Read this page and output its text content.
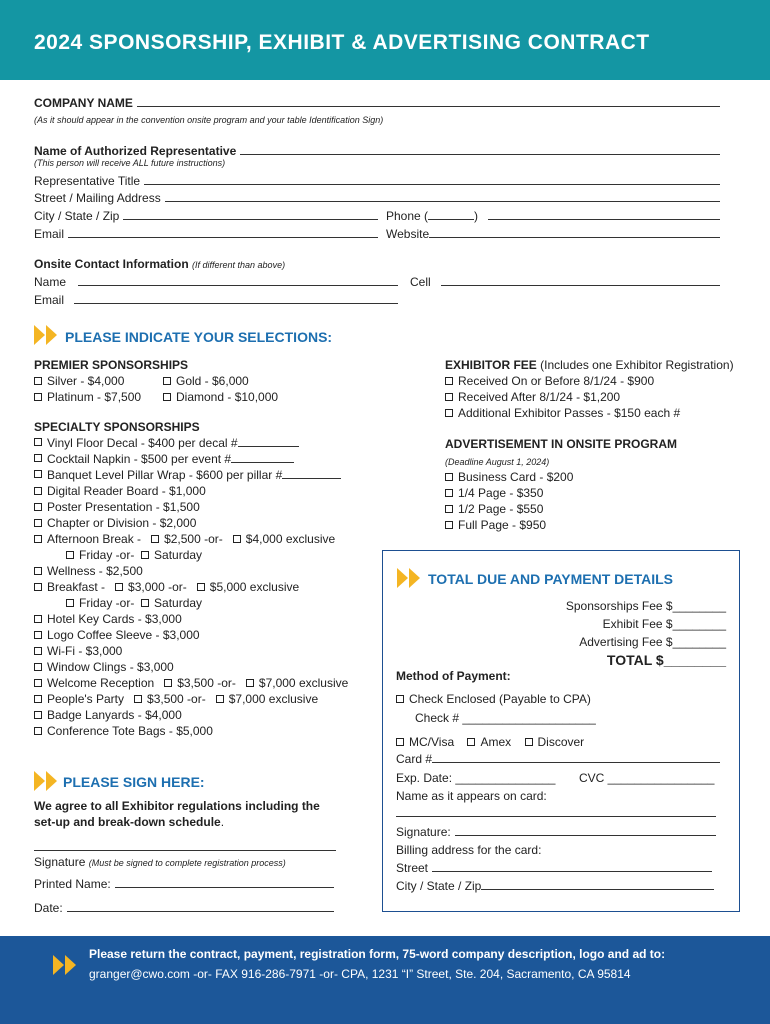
2024 SPONSORSHIP, EXHIBIT & ADVERTISING CONTRACT
COMPANY NAME
(As it should appear in the convention onsite program and your table Identification Sign)
Name of Authorized Representative
(This person will receive ALL future instructions)
Representative Title
Street / Mailing Address
City / State / Zip	Phone (	)
Email	Website
Onsite Contact Information (If different than above)
Name	Cell
Email
PLEASE INDICATE YOUR SELECTIONS:
PREMIER SPONSORSHIPS
Silver - $4,000	Gold - $6,000
Platinum - $7,500	Diamond - $10,000
SPECIALTY SPONSORSHIPS
Vinyl Floor Decal - $400 per decal #
Cocktail Napkin - $500 per event #
Banquet Level Pillar Wrap - $600 per pillar #
Digital Reader Board - $1,000
Poster Presentation - $1,500
Chapter or Division - $2,000
Afternoon Break - $2,500 -or- $4,000 exclusive
Friday -or- Saturday
Wellness - $2,500
Breakfast - $3,000 -or- $5,000 exclusive
Friday -or- Saturday
Hotel Key Cards - $3,000
Logo Coffee Sleeve - $3,000
Wi-Fi - $3,000
Window Clings - $3,000
Welcome Reception $3,500 -or- $7,000 exclusive
People's Party $3,500 -or- $7,000 exclusive
Badge Lanyards - $4,000
Conference Tote Bags - $5,000
EXHIBITOR FEE (Includes one Exhibitor Registration)
Received On or Before 8/1/24 - $900
Received After 8/1/24 - $1,200
Additional Exhibitor Passes - $150 each #
ADVERTISEMENT IN ONSITE PROGRAM
(Deadline August 1, 2024)
Business Card - $200
1/4 Page - $350
1/2 Page - $550
Full Page - $950
TOTAL DUE AND PAYMENT DETAILS
Sponsorships Fee $________
Exhibit Fee $________
Advertising Fee $________
TOTAL $________
Method of Payment:
Check Enclosed (Payable to CPA)
Check # ____________________
MC/Visa Amex Discover
Card #
Exp. Date: _______________ CVC ________________
Name as it appears on card:
Signature:
Billing address for the card:
Street
City / State / Zip
PLEASE SIGN HERE:
We agree to all Exhibitor regulations including the
set-up and break-down schedule.
Signature (Must be signed to complete registration process)
Printed Name:
Date:
Please return the contract, payment, registration form, 75-word company description, logo and ad to:
granger@cwo.com -or- FAX 916-286-7971 -or- CPA, 1231 “I” Street, Ste. 204, Sacramento, CA 95814
